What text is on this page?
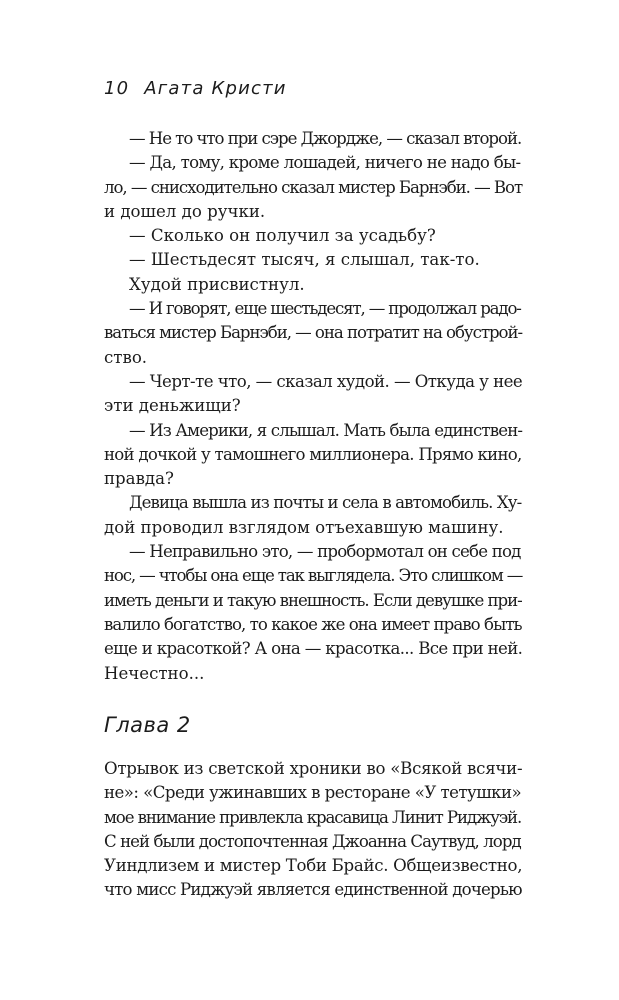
10 Агата Кристи

— Не то что при сэре Джордже, — сказал второй.

— Да, тому, кроме лошадей, ничего не надо бы-

ло, — снисходительно сказал мистер Барнэби. — Вот

и дошел до ручки.

— Сколько он получил за усадьбу?

— Шестьдесят тысяч, я слышал, так-то.

Худой присвистнул.

— И говорят, еще шестьдесят, — продолжал радо-

ваться мистер Барнэби, — она потратит на обустрой-

ство.

— Черт-те что, — сказал худой. — Откуда у нее

эти деньжищи?

— Из Америки, я слышал. Мать была единствен-

ной дочкой у тамошнего миллионера. Прямо кино,

правда?

Девица вышла из почты и села в автомобиль. Ху-

дой проводил взглядом отъехавшую машину.

— Неправильно это, — пробормотал он себе под

нос, — чтобы она еще так выглядела. Это слишком —

иметь деньги и такую внешность. Если девушке при-

валило богатство, то какое же она имеет право быть

еще и красоткой? А она — красотка... Все при ней.

Нечестно...

Глава 2

Отрывок из светской хроники во «Всякой всячи-

не»: «Среди ужинавших в ресторане «У тетушки»

мое внимание привлекла красавица Линит Риджуэй.

С ней были достопочтенная Джоанна Саутвуд, лорд

Уиндлизем и мистер Тоби Брайс. Общеизвестно,

что мисс Риджуэй является единственной дочерью
